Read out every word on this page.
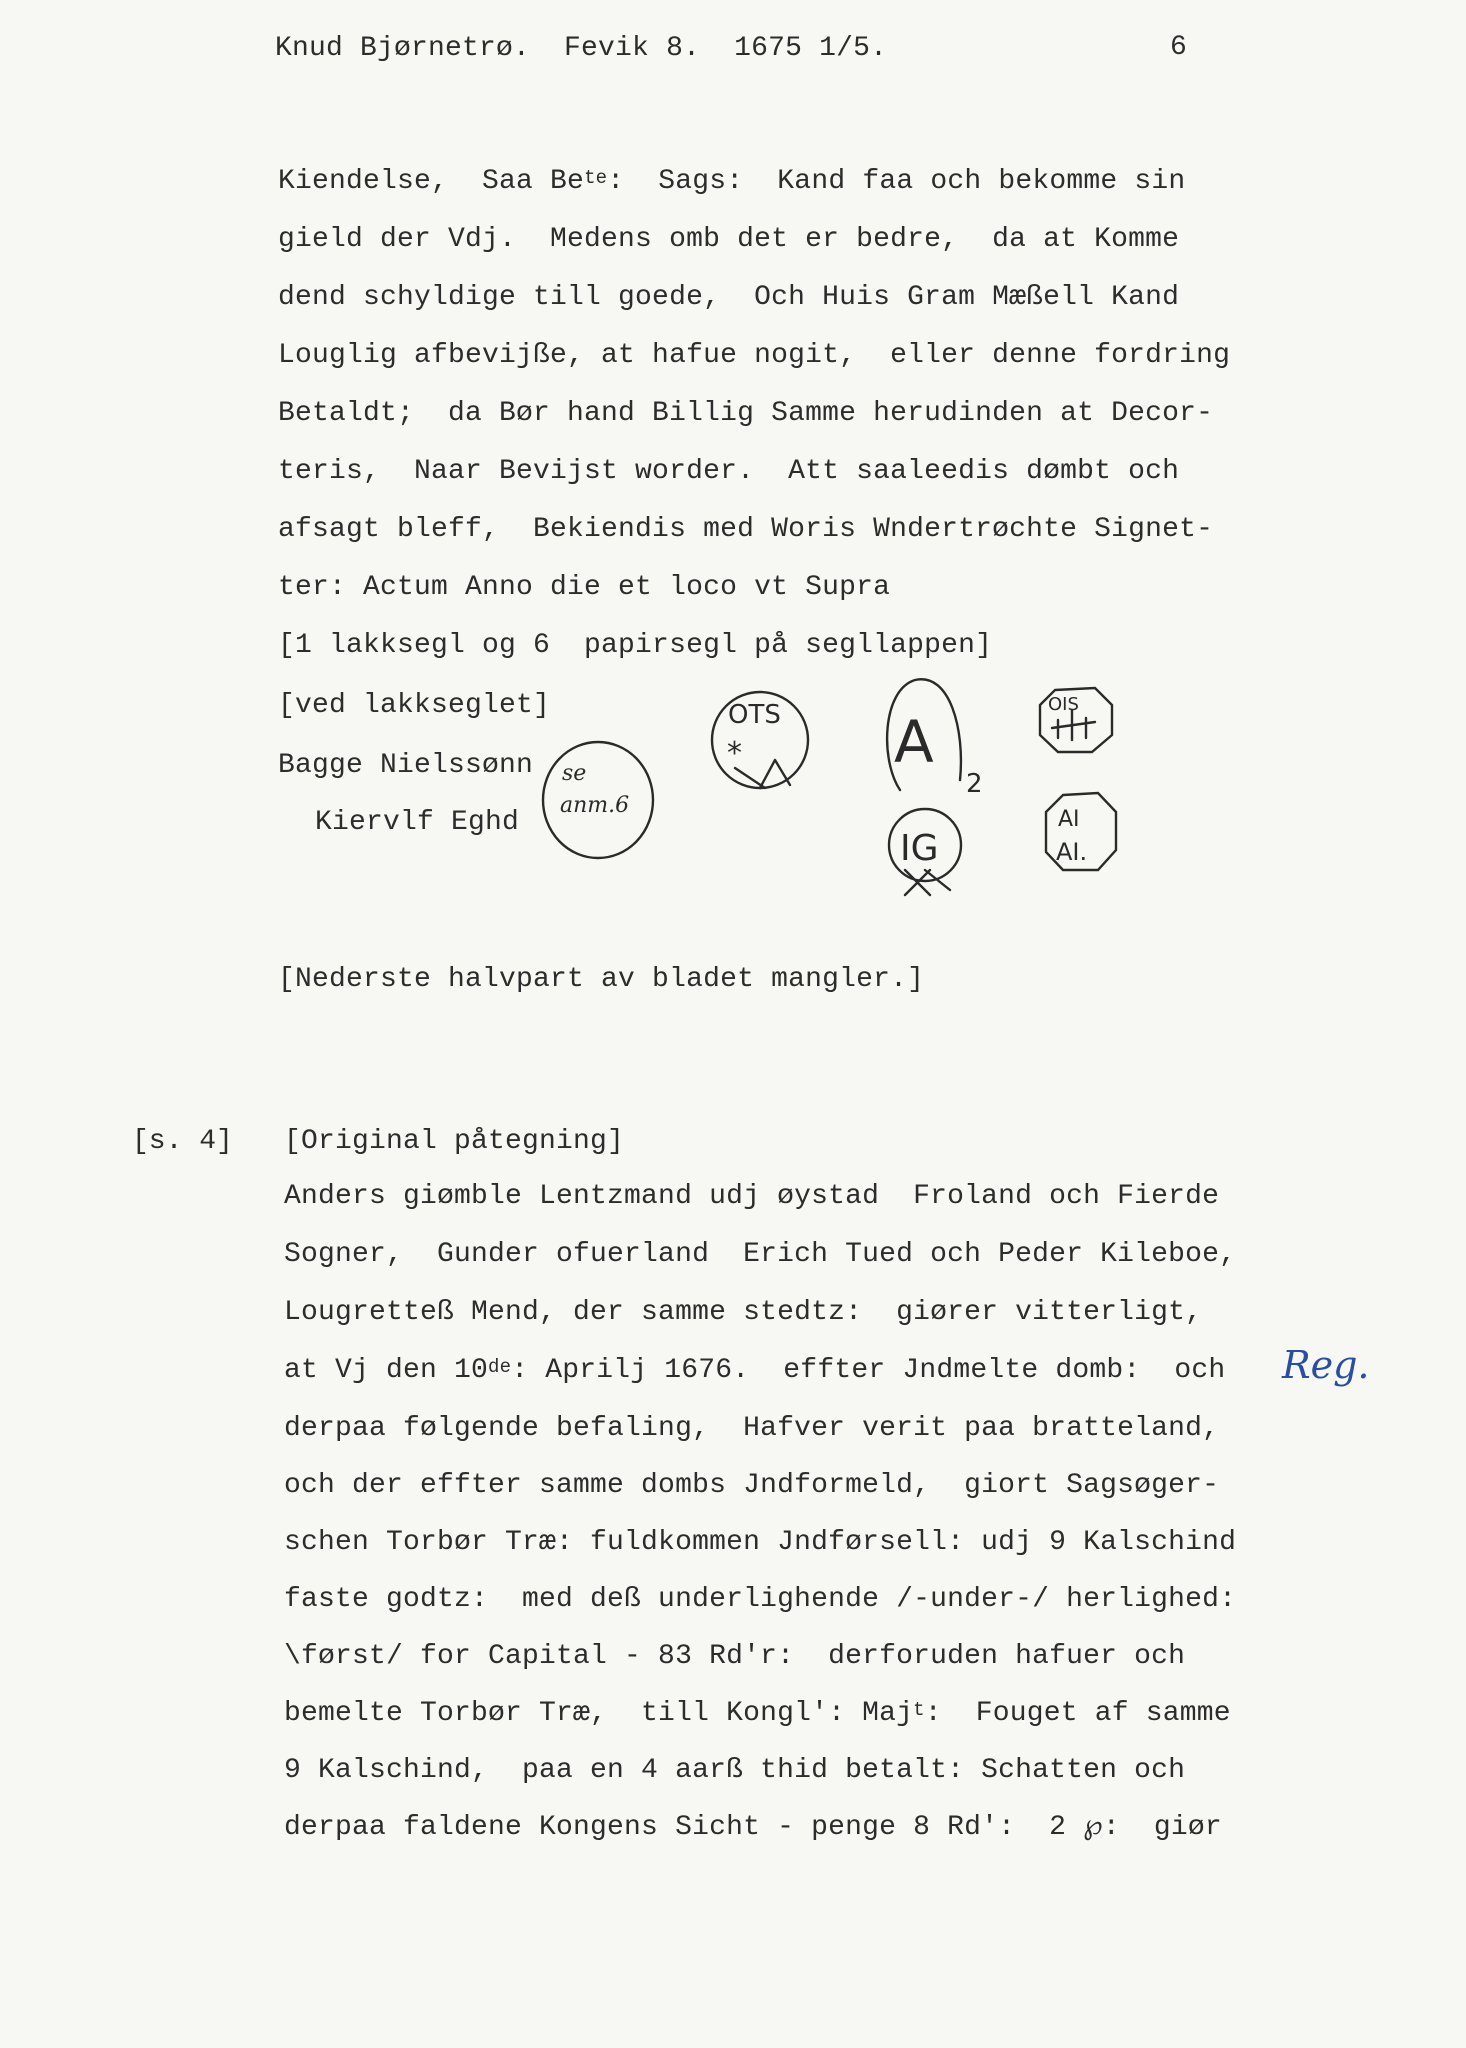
Knud Bjørnetrø.  Fevik 8.  1675 1/5.	6
Kiendelse,  Saa $Be^{te}$:  Sags:  Kand faa och bekomme sin
gield der Vdj.  Medens omb det er bedre,  da at Komme
dend schyldige till goede,  Och Huis Gram Mæßell Kand
Louglig afbevijße, at hafue nogit,  eller denne fordring
Betaldt;  da Bør hand Billig Samme herudinden at Decor-
teris,  Naar Bevijst worder.  Att saaleedis dømbt och
afsagt bleff,  Bekiendis med Woris Wndertrøchte Signet-
ter: Actum Anno die et loco vt Supra
[1 lakksegl og 6  papirsegl på segllappen]
[ved lakkseglet]
Bagge Nielssønn
Kiervlf Eghd
se
anm.6
OTS
*	A
2
IG
OIS
AI
AI.
[Nederste halvpart av bladet mangler.]
[s. 4] [Original påtegning]
Anders giømble Lentzmand udj øystad  Froland och Fierde
Sogner,  Gunder ofuerland  Erich Tued och Peder Kileboe,
Lougretteß Mend, der samme stedtz:  giører vitterligt,
at Vj den 10de: Aprilj 1676.  effter Jndmelte domb:  och
derpaa følgende befaling,  Hafver verit paa bratteland,
och der effter samme dombs Jndformeld,  giort Sagsøger-
schen Torbør Træ: fuldkommen Jndførsell: udj 9 Kalschind
faste godtz:  med deß underlighende /-under-/ herlighed:
\først/ for Capital - 83 Rd'r:  derforuden hafuer och
bemelte Torbør Træ,  till Kongl': Maj$^t$:  Fouget af samme
9 Kalschind,  paa en 4 aarß thid betalt: Schatten och
derpaa faldene Kongens Sicht - penge 8 Rd':  2 ℘:  giør
Reg.
